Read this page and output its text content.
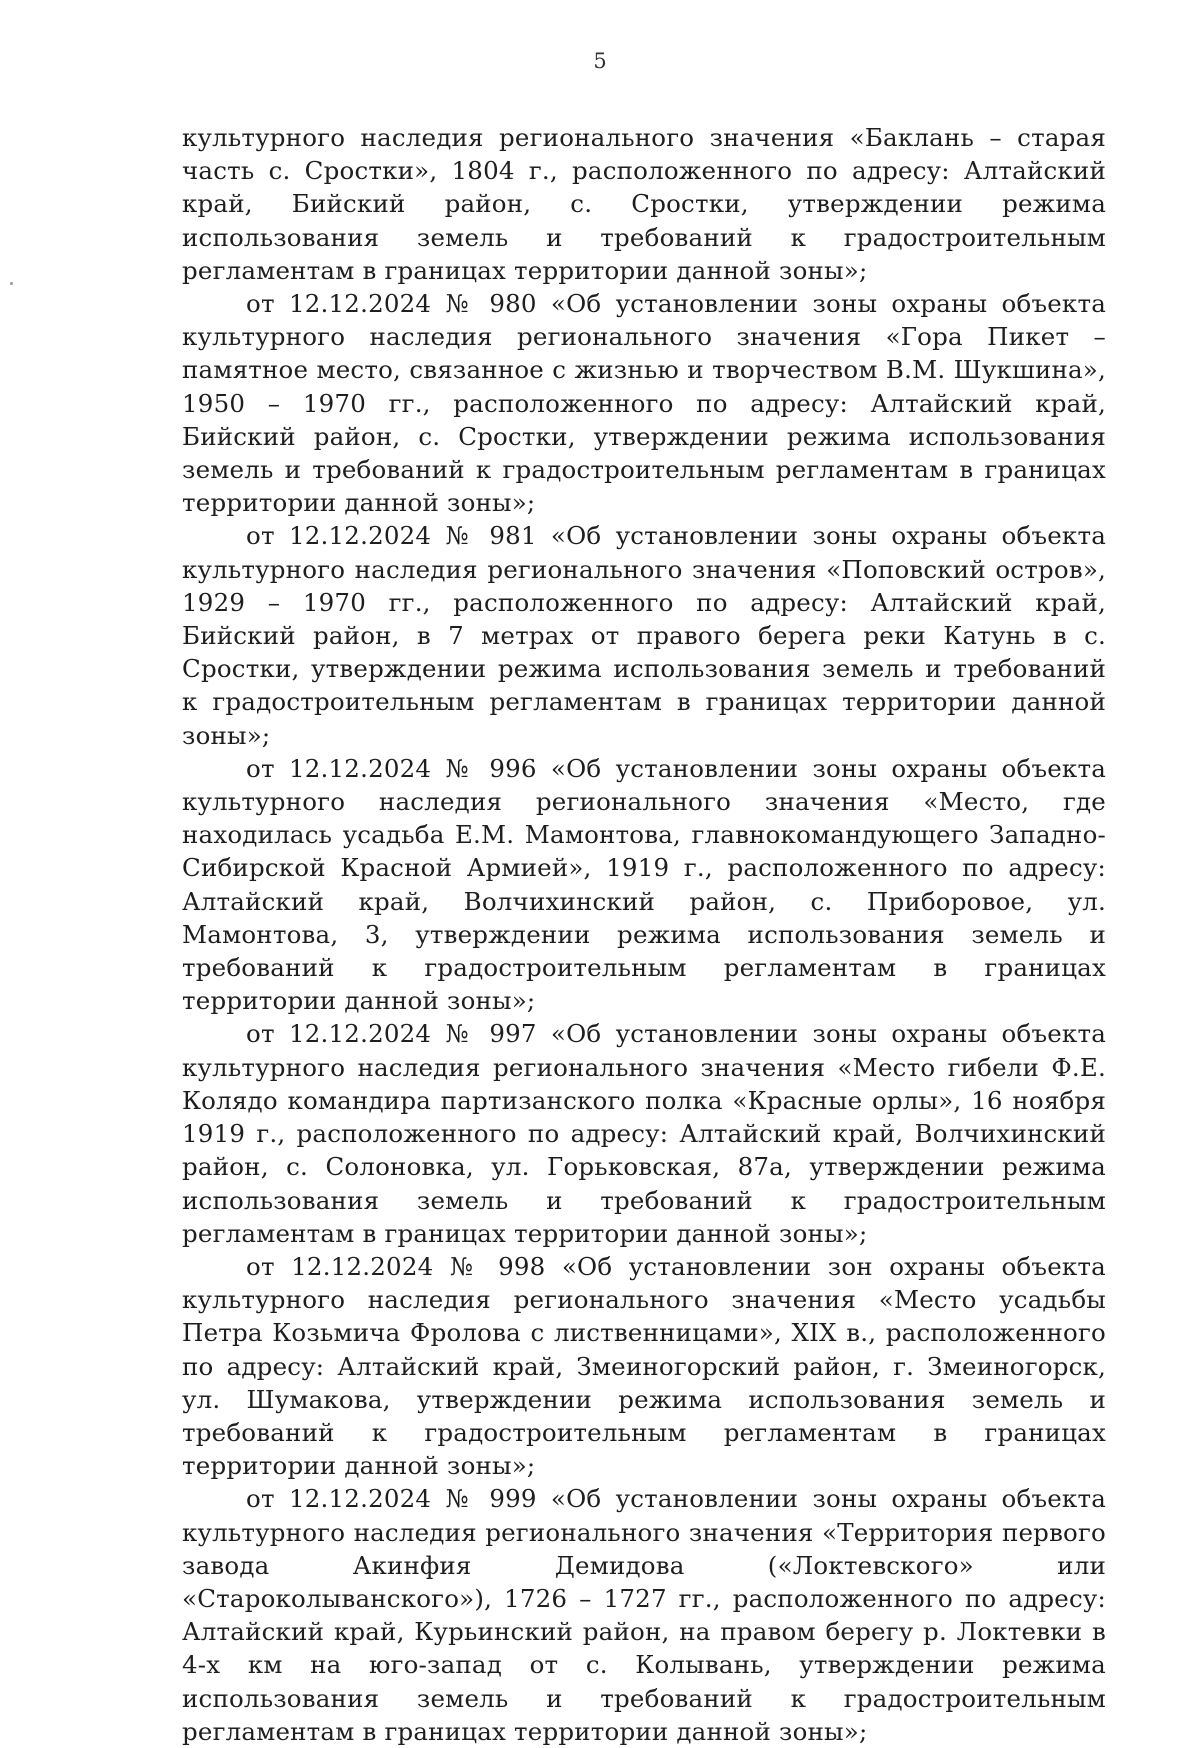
5

культурного наследия регионального значения «Баклань – старая часть с. Сростки», 1804 г., расположенного по адресу: Алтайский край, Бийский район, с. Сростки, утверждении режима использования земель и требований к градостроительным регламентам в границах территории данной зоны»;

от 12.12.2024 № 980 «Об установлении зоны охраны объекта культурного наследия регионального значения «Гора Пикет – памятное место, связанное с жизнью и творчеством В.М. Шукшина», 1950 – 1970 гг., расположенного по адресу: Алтайский край, Бийский район, с. Сростки, утверждении режима использования земель и требований к градостроительным регламентам в границах территории данной зоны»;

от 12.12.2024 № 981 «Об установлении зоны охраны объекта культурного наследия регионального значения «Поповский остров», 1929 – 1970 гг., расположенного по адресу: Алтайский край, Бийский район, в 7 метрах от правого берега реки Катунь в с. Сростки, утверждении режима использования земель и требований к градостроительным регламентам в границах территории данной зоны»;

от 12.12.2024 № 996 «Об установлении зоны охраны объекта культурного наследия регионального значения «Место, где находилась усадьба Е.М. Мамонтова, главнокомандующего Западно-Сибирской Красной Армией», 1919 г., расположенного по адресу: Алтайский край, Волчихинский район, с. Приборовое, ул. Мамонтова, 3, утверждении режима использования земель и требований к градостроительным регламентам в границах территории данной зоны»;

от 12.12.2024 № 997 «Об установлении зоны охраны объекта культурного наследия регионального значения «Место гибели Ф.Е. Колядо командира партизанского полка «Красные орлы», 16 ноября 1919 г., расположенного по адресу: Алтайский край, Волчихинский район, с. Солоновка, ул. Горьковская, 87а, утверждении режима использования земель и требований к градостроительным регламентам в границах территории данной зоны»;

от 12.12.2024 № 998 «Об установлении зон охраны объекта культурного наследия регионального значения «Место усадьбы Петра Козьмича Фролова с лиственницами», XIX в., расположенного по адресу: Алтайский край, Змеиногорский район, г. Змеиногорск, ул. Шумакова, утверждении режима использования земель и требований к градостроительным регламентам в границах территории данной зоны»;

от 12.12.2024 № 999 «Об установлении зоны охраны объекта культурного наследия регионального значения «Территория первого завода Акинфия Демидова («Локтевского» или «Староколыванского»), 1726 – 1727 гг., расположенного по адресу: Алтайский край, Курьинский район, на правом берегу р. Локтевки в 4-х км на юго-запад от с. Колывань, утверждении режима использования земель и требований к градостроительным регламентам в границах территории данной зоны»;
